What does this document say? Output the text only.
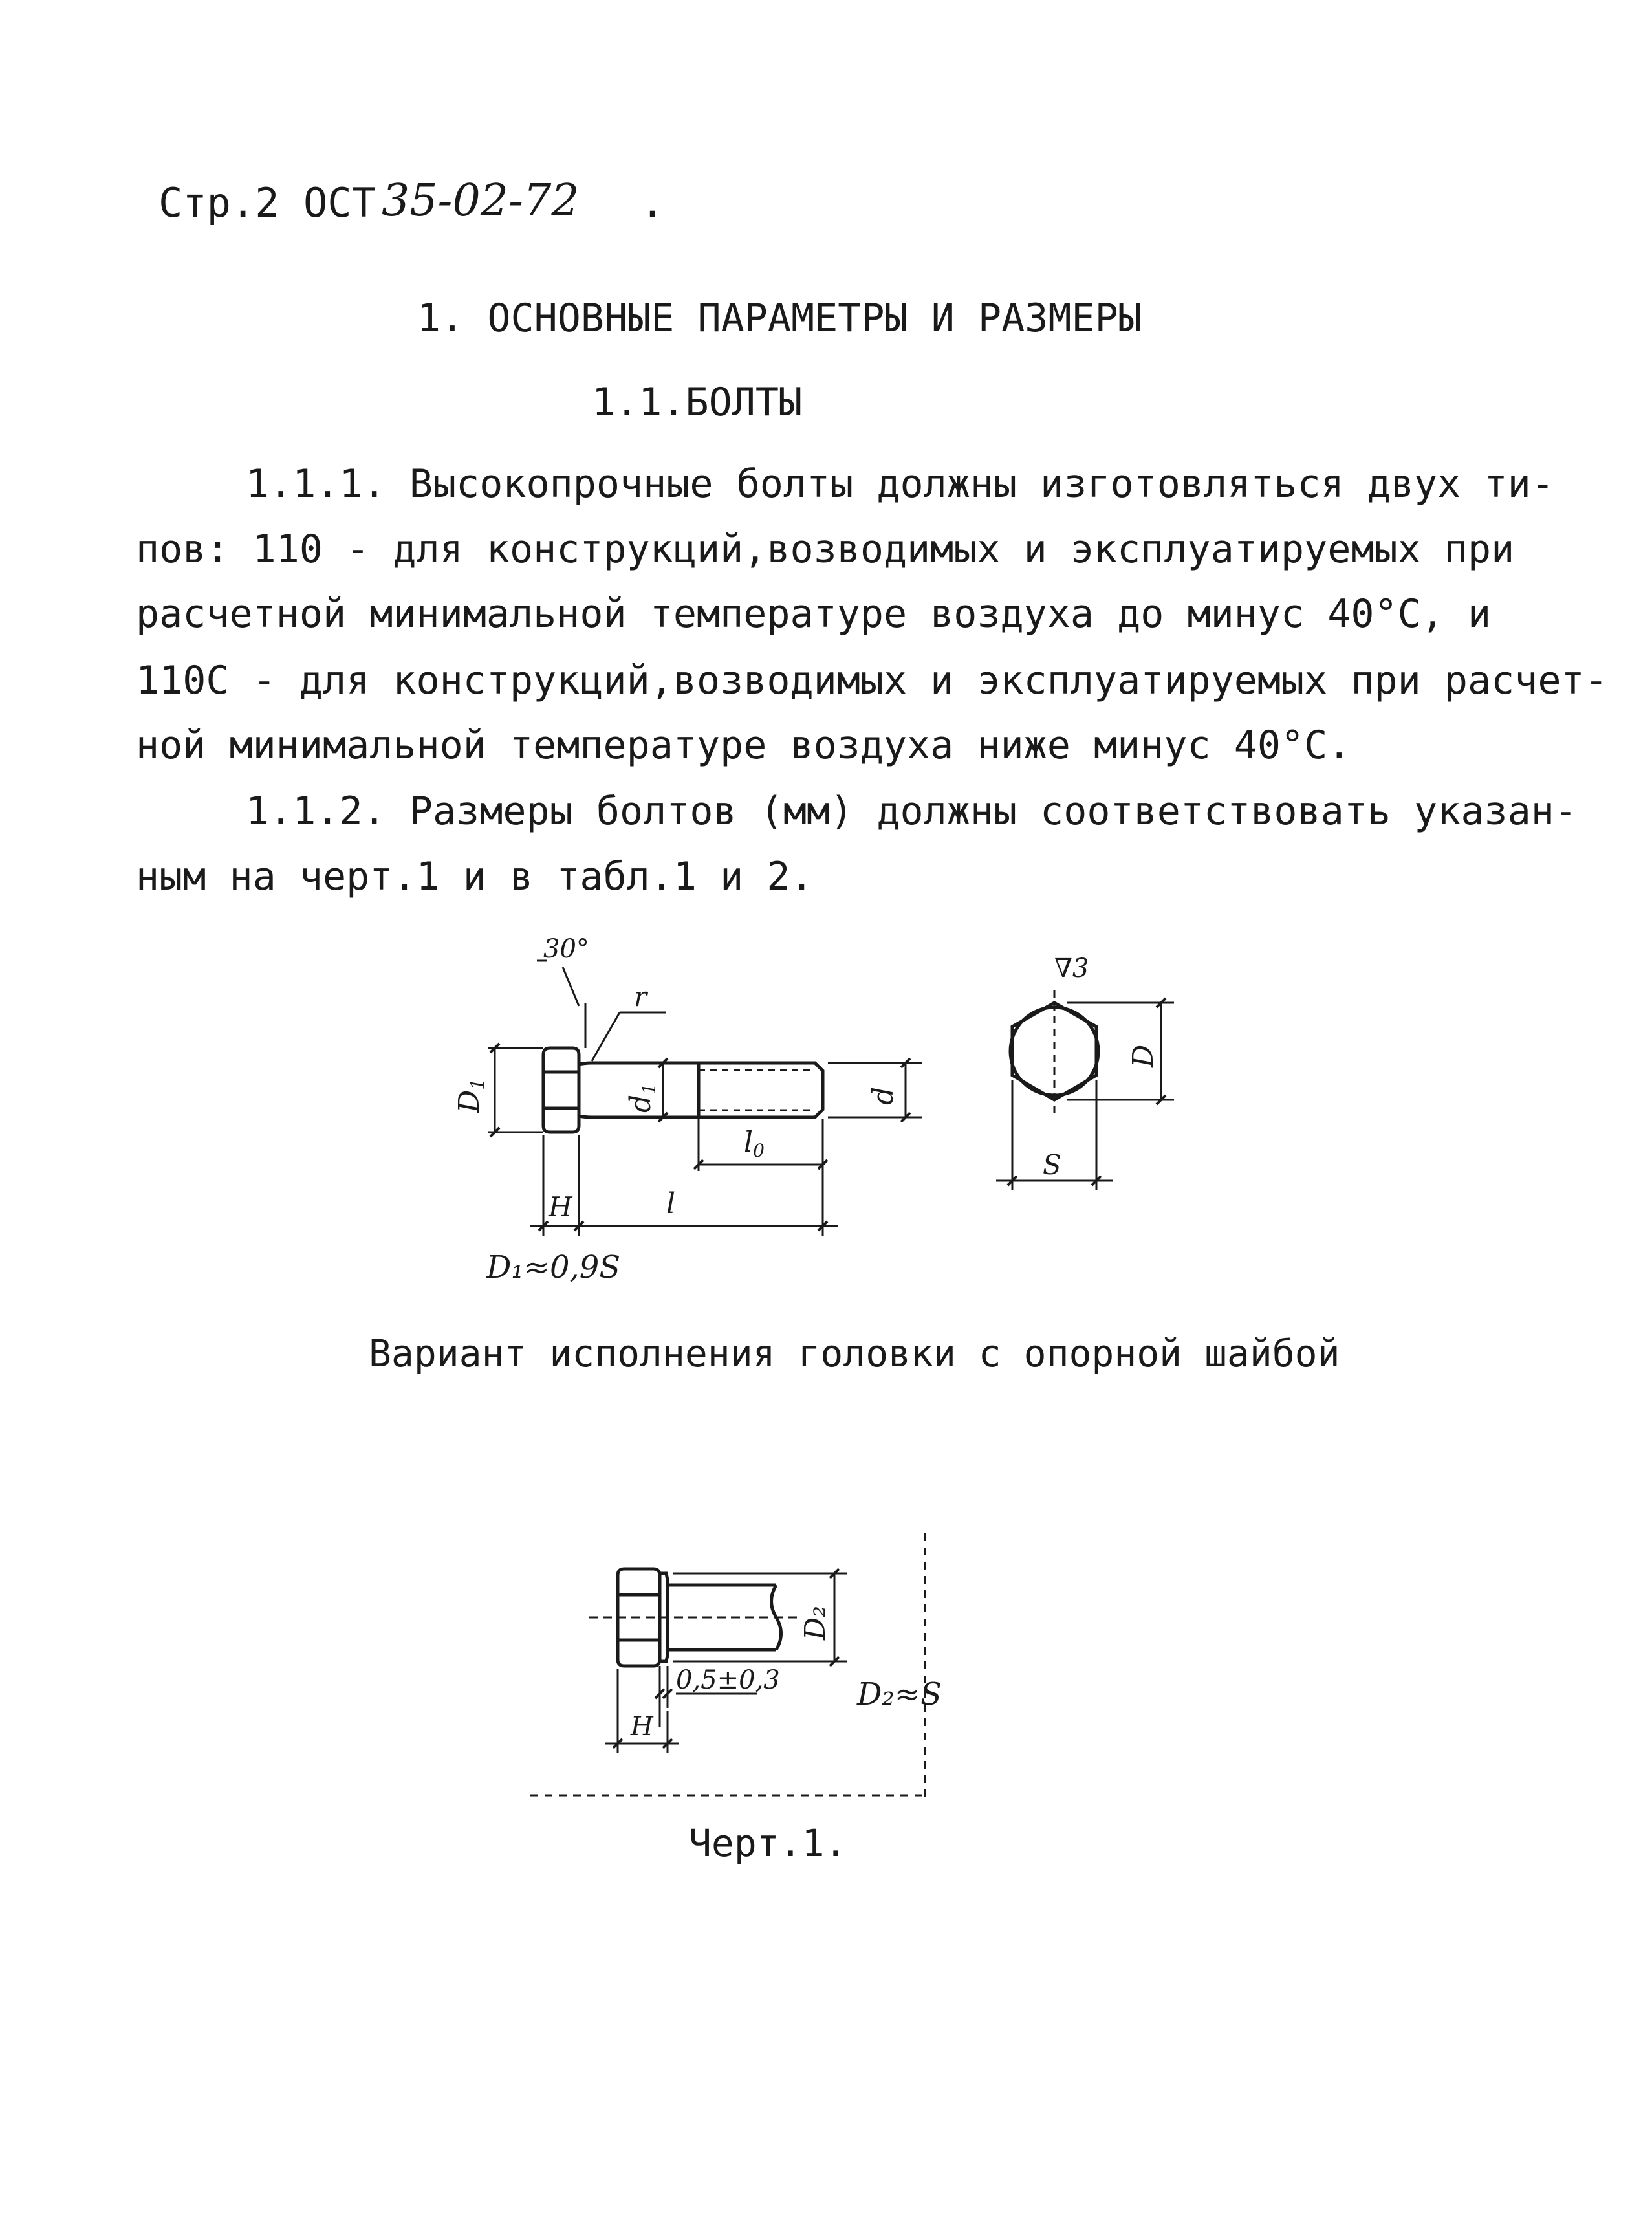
Стр.2 ОСТ 35-02-72 .
1. ОСНОВНЫЕ ПАРАМЕТРЫ И РАЗМЕРЫ
1.1.БОЛТЫ
1.1.1. Высокопрочные болты должны изготовляться двух ти-
пов: 110 - для конструкций,возводимых и эксплуатируемых при
расчетной минимальной температуре воздуха до минус 40°С, и
110С - для конструкций,возводимых и эксплуатируемых при расчет-
ной минимальной температуре воздуха ниже минус 40°С.
1.1.2. Размеры болтов (мм) должны соответствовать указан-
ным на черт.1 и в табл.1 и 2.
30°
r
D1
d1	d
l0
H	l
∇3
D
S
D₁≈0,9S
Вариант исполнения головки с опорной шайбой
D₂
0,5±0,3
H
D₂≈S
Черт.1.
